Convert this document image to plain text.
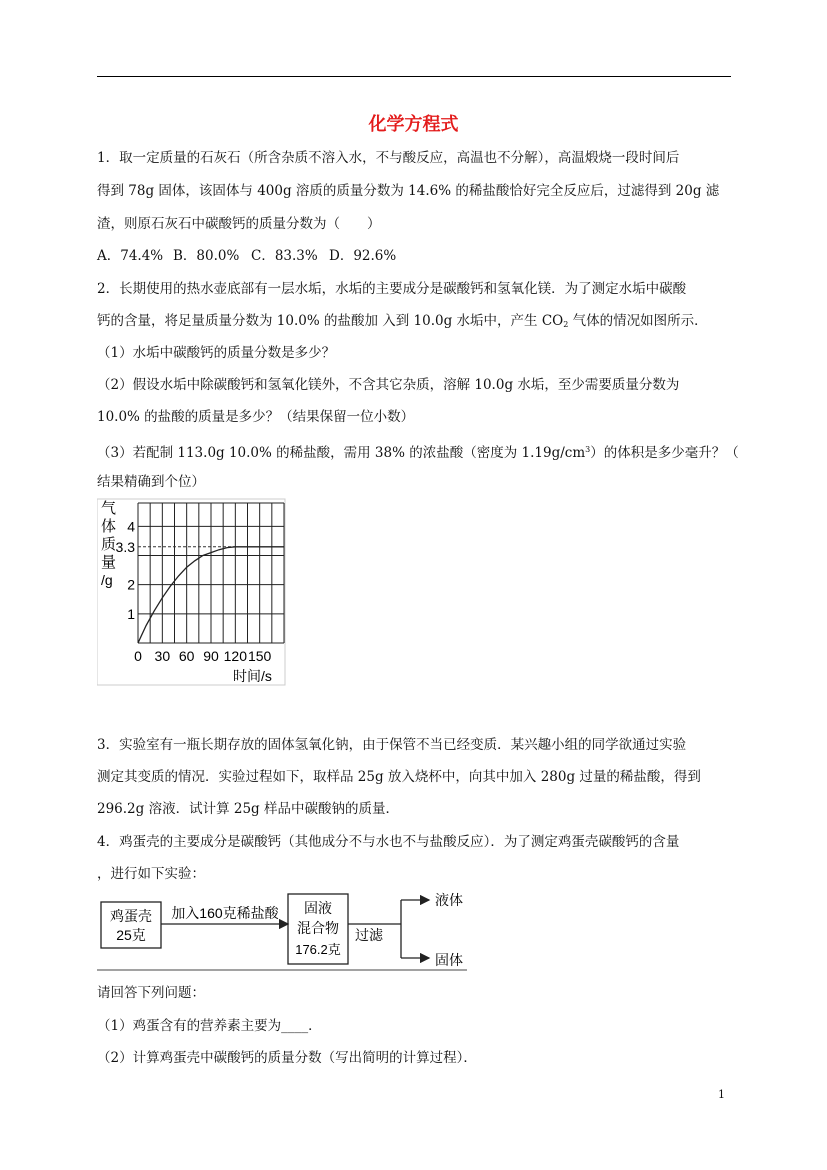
化学方程式
1．取一定质量的石灰石（所含杂质不溶入水，不与酸反应，高温也不分解），高温煅烧一段时间后
得到 78g 固体，该固体与 400g 溶质的质量分数为 14.6% 的稀盐酸恰好完全反应后，过滤得到 20g 滤
渣，则原石灰石中碳酸钙的质量分数为（　　）
A．74.4% B．80.0% C．83.3% D．92.6%
2．长期使用的热水壶底部有一层水垢，水垢的主要成分是碳酸钙和氢氧化镁．为了测定水垢中碳酸
钙的含量，将足量质量分数为 10.0% 的盐酸加 入到 10.0g 水垢中，产生 $CO_2$ 气体的情况如图所示．
（1）水垢中碳酸钙的质量分数是多少？
（2）假设水垢中除碳酸钙和氢氧化镁外，不含其它杂质，溶解 10.0g 水垢，至少需要质量分数为
10.0% 的盐酸的质量是多少？（结果保留一位小数）
（3）若配制 113.0g 10.0% 的稀盐酸，需用 38% 的浓盐酸（密度为 $1.19g/cm^3$）的体积是多少毫升？（
结果精确到个位）
气
体
质
量
/g
0 30 60 90 120 150
1
2
3.3
4
时间/s
3．实验室有一瓶长期存放的固体氢氧化钠，由于保管不当已经变质．某兴趣小组的同学欲通过实验
测定其变质的情况．实验过程如下，取样品 25g 放入烧杯中，向其中加入 280g 过量的稀盐酸，得到
296.2g 溶液．试计算 25g 样品中碳酸钠的质量．
4．鸡蛋壳的主要成分是碳酸钙（其他成分不与水也不与盐酸反应）．为了测定鸡蛋壳碳酸钙的含量
，进行如下实验：
鸡蛋壳
25克
加入160克稀盐酸 固液
混合物
176.2克
过滤
液体
固体
请回答下列问题：
（1）鸡蛋含有的营养素主要为____．
（2）计算鸡蛋壳中碳酸钙的质量分数（写出简明的计算过程）．
1
